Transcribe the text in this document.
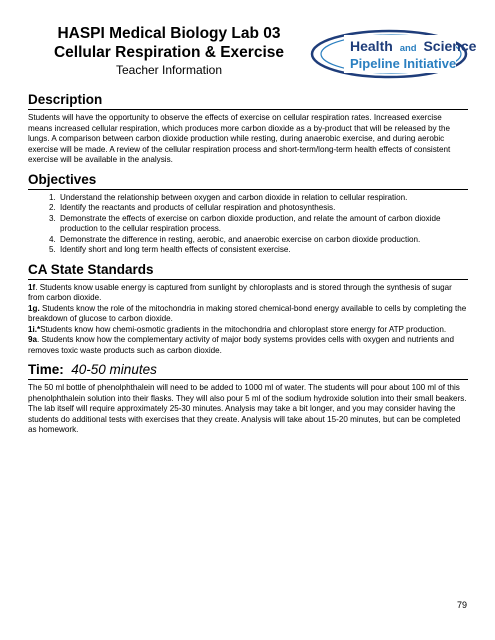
HASPI Medical Biology Lab 03
Cellular Respiration & Exercise
Teacher Information
Health and Science
Pipeline Initiative
Description

Students will have the opportunity to observe the effects of exercise on cellular respiration rates. Increased exercise means increased cellular respiration, which produces more carbon dioxide as a by-product that will be released by the lungs. A comparison between carbon dioxide production while resting, during anaerobic exercise, and during aerobic exercise will be made. A review of the cellular respiration process and short-term/long-term health effects of consistent exercise will be available in the analysis.

Objectives
1. Understand the relationship between oxygen and carbon dioxide in relation to cellular respiration.
2. Identify the reactants and products of cellular respiration and photosynthesis.
3. Demonstrate the effects of exercise on carbon dioxide production, and relate the amount of carbon dioxide production to the cellular respiration process.
4. Demonstrate the difference in resting, aerobic, and anaerobic exercise on carbon dioxide production.
5. Identify short and long term health effects of consistent exercise.
CA State Standards

1f. Students know usable energy is captured from sunlight by chloroplasts and is stored through the synthesis of sugar from carbon dioxide.

1g. Students know the role of the mitochondria in making stored chemical-bond energy available to cells by completing the breakdown of glucose to carbon dioxide.

1i.*Students know how chemi-osmotic gradients in the mitochondria and chloroplast store energy for ATP production.

9a. Students know how the complementary activity of major body systems provides cells with oxygen and nutrients and removes toxic waste products such as carbon dioxide.

Time: 40-50 minutes

The 50 ml bottle of phenolphthalein will need to be added to 1000 ml of water. The students will pour about 100 ml of this phenolphthalein solution into their flasks. They will also pour 5 ml of the sodium hydroxide solution into their small beakers. The lab itself will require approximately 25-30 minutes. Analysis may take a bit longer, and you may consider having the students do additional tests with exercises that they create. Analysis will take about 15-20 minutes, but can be completed as homework.

79
